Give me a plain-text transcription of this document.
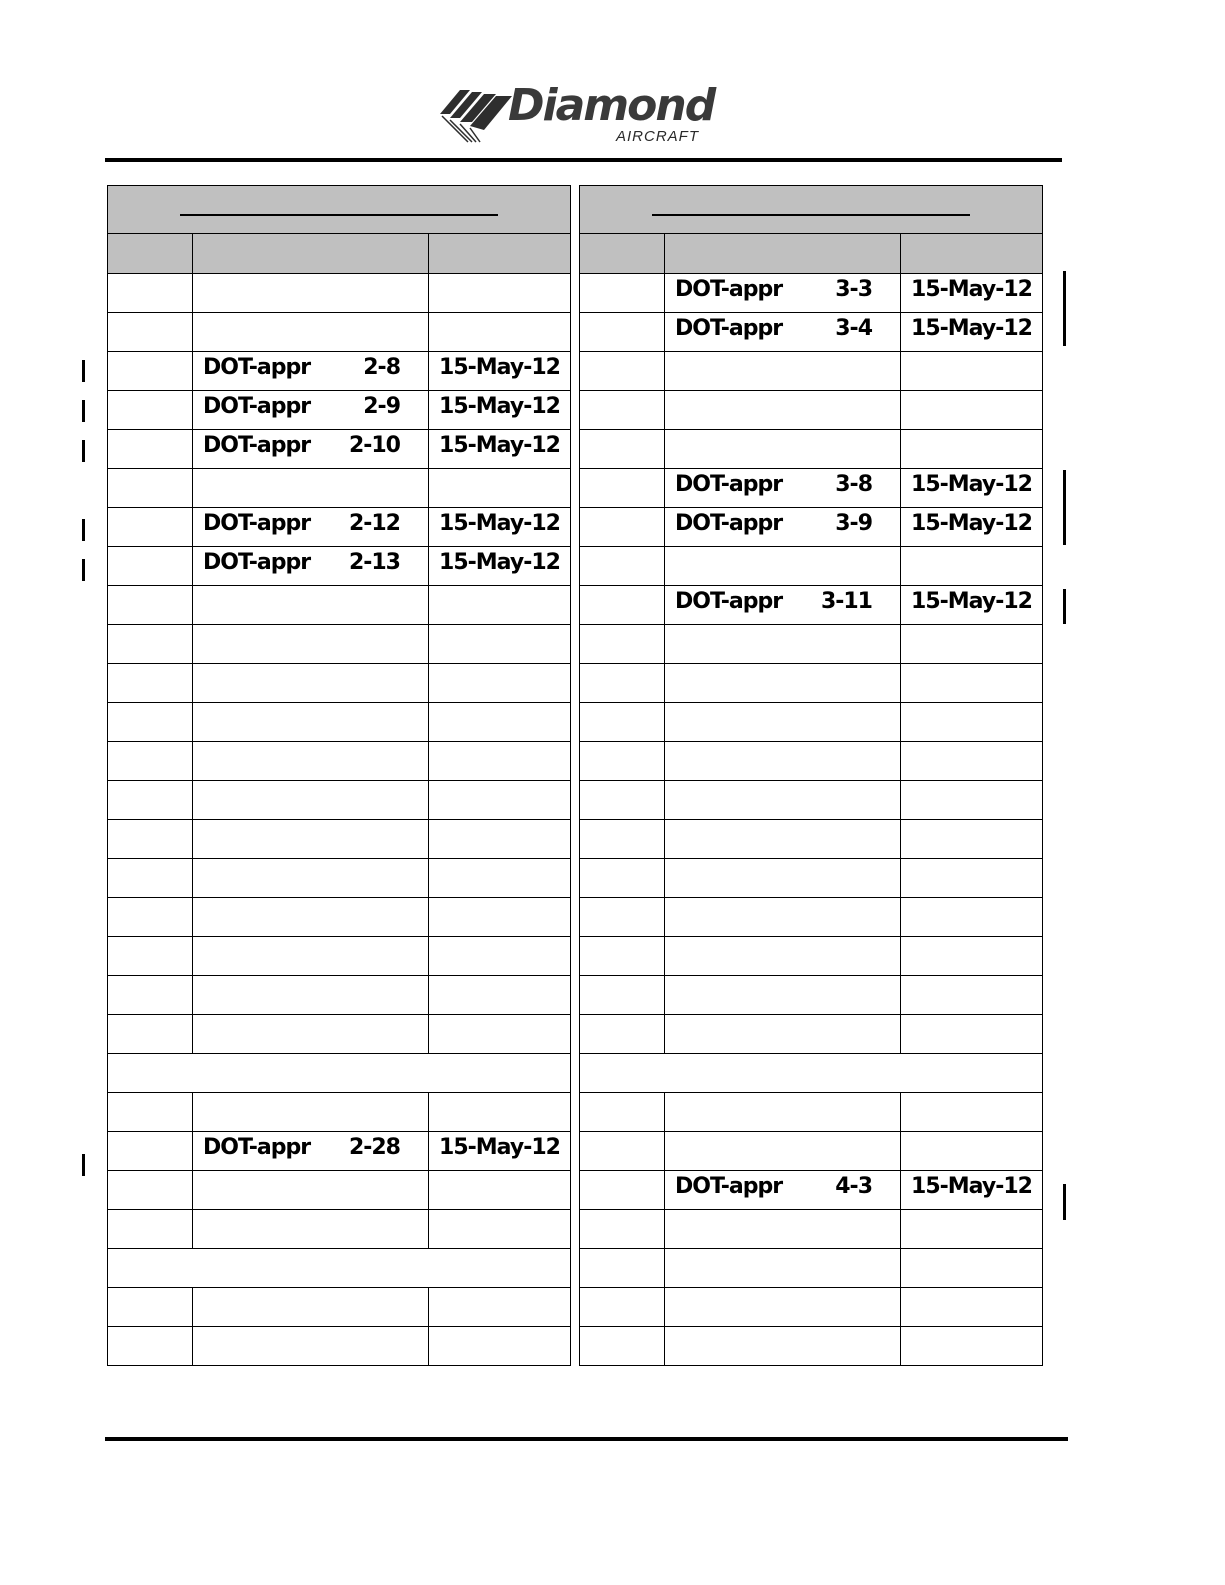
Diamond
AIRCRAFT

	DOT-appr 2-8	15-May-12

	DOT-appr 2-9	15-May-12

	DOT-appr 2-10	15-May-12

	DOT-appr 2-12	15-May-12

	DOT-appr 2-13	15-May-12

	DOT-appr 2-28	15-May-12

	DOT-appr 3-3	15-May-12

	DOT-appr 3-4	15-May-12

	DOT-appr 3-8	15-May-12

	DOT-appr 3-9	15-May-12

	DOT-appr 3-11	15-May-12

	DOT-appr 4-3	15-May-12
